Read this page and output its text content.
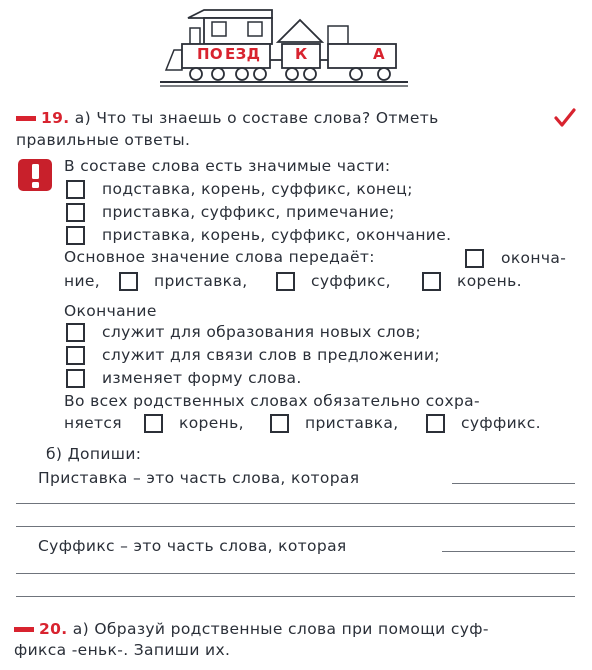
ПО ЕЗД К	А
19. а) Что ты знаешь о составе слова? Отметь
правильные ответы.
В составе слова есть значимые части:
подставка, корень, суффикс, конец;
приставка, суффикс, примечание;
приставка, корень, суффикс, окончание.
Основное значение слова передаёт:	оконча-
ние,	приставка,	суффикс,	корень.
Окончание
служит для образования новых слов;
служит для связи слов в предложении;
изменяет форму слова.
Во всех родственных словах обязательно сохра-
няется	корень,	приставка,	суффикс.
б) Допиши:
Приставка – это часть слова, которая
Суффикс – это часть слова, которая
20. а) Образуй родственные слова при помощи суф-
фикса -еньк-. Запиши их.
